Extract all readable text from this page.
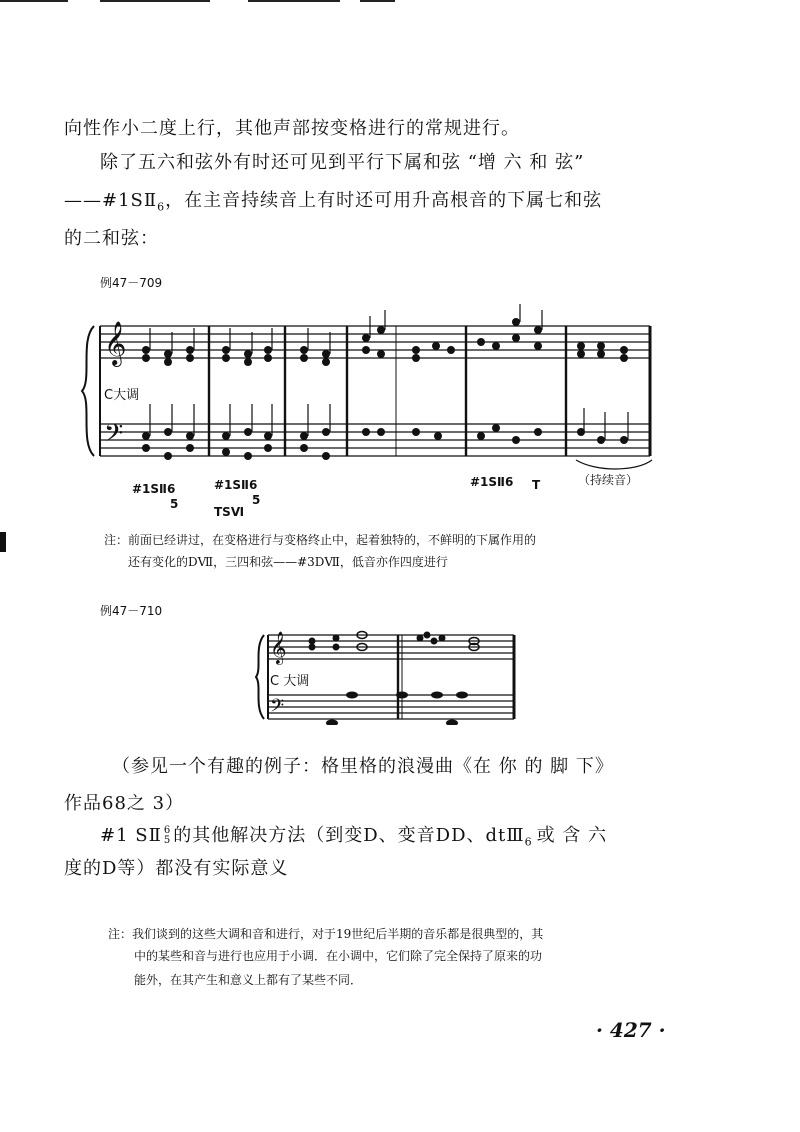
向性作小二度上行，其他声部按变格进行的常规进行。
除了五六和弦外有时还可见到平行下属和弦 “增 六 和 弦”
$——\#1SⅡ_6$，在主音持续音上有时还可用升高根音的下属七和弦
的二和弦：
例47－709
𝄞
𝄢
C大调
#1SⅡ6
5
#1SⅡ6
5
TSⅥ
#1SⅡ6 T	（持续音）
注：前面已经讲过，在变格进行与变格终止中，起着独特的，不鲜明的下属作用的
还有变化的DⅦ，三四和弦——#3DⅦ，低音亦作四度进行
例47－710
𝄞
𝄢
C 大调
（参见一个有趣的例子：格里格的浪漫曲《在 你 的 脚 下》
作品68之 3）
#1 SⅡ 6
5 的其他解决方法（到变D、变音DD、$dtⅢ_6$ 或 含 六
度的D等）都没有实际意义
注：我们谈到的这些大调和音和进行，对于19世纪后半期的音乐都是很典型的，其
中的某些和音与进行也应用于小调．在小调中，它们除了完全保持了原来的功
能外，在其产生和意义上都有了某些不同．
· 427 ·
